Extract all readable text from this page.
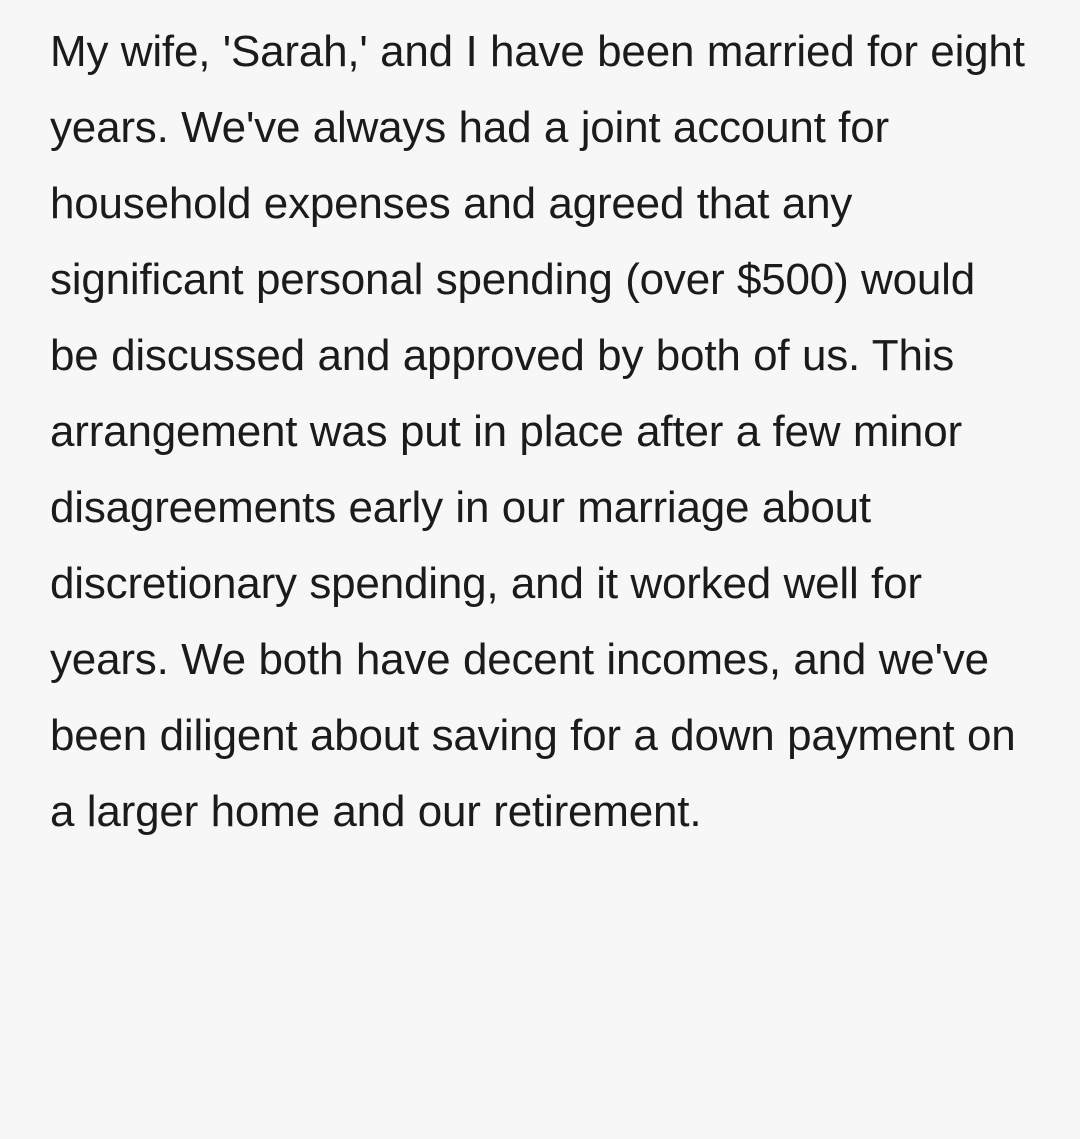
My wife, 'Sarah,' and I have been married for eight years. We've always had a joint account for household expenses and agreed that any significant personal spending (over $500) would be discussed and approved by both of us. This arrangement was put in place after a few minor disagreements early in our marriage about discretionary spending, and it worked well for years. We both have decent incomes, and we've been diligent about saving for a down payment on a larger home and our retirement.
